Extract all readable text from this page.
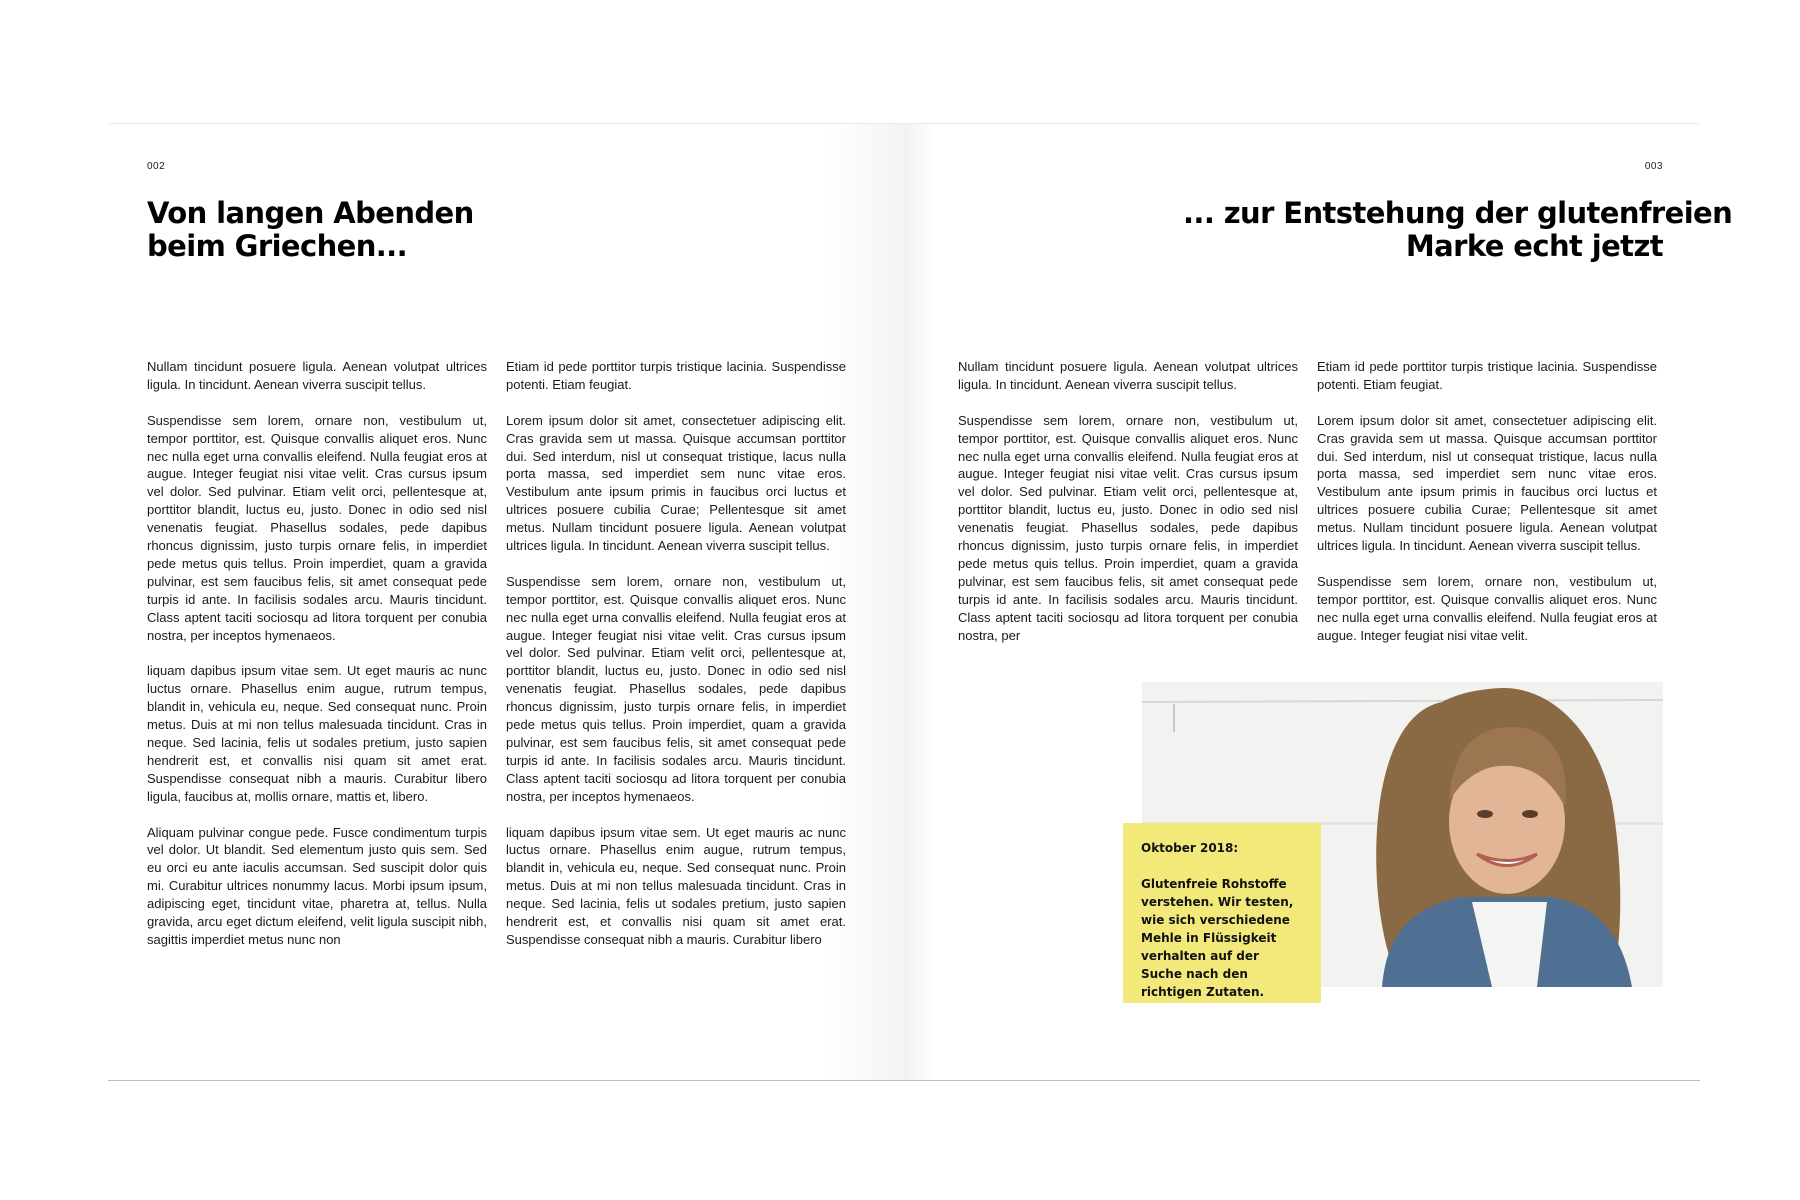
002
Von langen Abenden
beim Griechen...

Nullam tincidunt posuere ligula. Aenean volutpat ultrices ligula. In tincidunt. Aenean viverra suscipit tellus.

Suspendisse sem lorem, ornare non, vestibulum ut, tempor porttitor, est. Quisque convallis aliquet eros. Nunc nec nulla eget urna convallis eleifend. Nulla feugiat eros at augue. Integer feugiat nisi vitae velit. Cras cursus ipsum vel dolor. Sed pulvinar. Etiam velit orci, pellentesque at, porttitor blandit, luctus eu, justo. Donec in odio sed nisl venenatis feugiat. Phasellus sodales, pede dapibus rhoncus dignissim, justo turpis ornare felis, in imperdiet pede metus quis tellus. Proin imperdiet, quam a gravida pulvinar, est sem faucibus felis, sit amet consequat pede turpis id ante. In facilisis sodales arcu. Mauris tincidunt. Class aptent taciti sociosqu ad litora torquent per conubia nostra, per inceptos hymenaeos.

liquam dapibus ipsum vitae sem. Ut eget mauris ac nunc luctus ornare. Phasellus enim augue, rutrum tempus, blandit in, vehicula eu, neque. Sed consequat nunc. Proin metus. Duis at mi non tellus malesuada tincidunt. Cras in neque. Sed lacinia, felis ut sodales pretium, justo sapien hendrerit est, et convallis nisi quam sit amet erat. Suspendisse consequat nibh a mauris. Curabitur libero ligula, faucibus at, mollis ornare, mattis et, libero.

Aliquam pulvinar congue pede. Fusce condimentum turpis vel dolor. Ut blandit. Sed elementum justo quis sem. Sed eu orci eu ante iaculis accumsan. Sed suscipit dolor quis mi. Curabitur ultrices nonummy lacus. Morbi ipsum ipsum, adipiscing eget, tincidunt vitae, pharetra at, tellus. Nulla gravida, arcu eget dictum eleifend, velit ligula suscipit nibh, sagittis imperdiet metus nunc non

Etiam id pede porttitor turpis tristique lacinia. Suspendisse potenti. Etiam feugiat.

Lorem ipsum dolor sit amet, consectetuer adipiscing elit. Cras gravida sem ut massa. Quisque accumsan porttitor dui. Sed interdum, nisl ut consequat tristique, lacus nulla porta massa, sed imperdiet sem nunc vitae eros. Vestibulum ante ipsum primis in faucibus orci luctus et ultrices posuere cubilia Curae; Pellentesque sit amet metus. Nullam tincidunt posuere ligula. Aenean volutpat ultrices ligula. In tincidunt. Aenean viverra suscipit tellus.

Suspendisse sem lorem, ornare non, vestibulum ut, tempor porttitor, est. Quisque convallis aliquet eros. Nunc nec nulla eget urna convallis eleifend. Nulla feugiat eros at augue. Integer feugiat nisi vitae velit. Cras cursus ipsum vel dolor. Sed pulvinar. Etiam velit orci, pellentesque at, porttitor blandit, luctus eu, justo. Donec in odio sed nisl venenatis feugiat. Phasellus sodales, pede dapibus rhoncus dignissim, justo turpis ornare felis, in imperdiet pede metus quis tellus. Proin imperdiet, quam a gravida pulvinar, est sem faucibus felis, sit amet consequat pede turpis id ante. In facilisis sodales arcu. Mauris tincidunt. Class aptent taciti sociosqu ad litora torquent per conubia nostra, per inceptos hymenaeos.

liquam dapibus ipsum vitae sem. Ut eget mauris ac nunc luctus ornare. Phasellus enim augue, rutrum tempus, blandit in, vehicula eu, neque. Sed consequat nunc. Proin metus. Duis at mi non tellus malesuada tincidunt. Cras in neque. Sed lacinia, felis ut sodales pretium, justo sapien hendrerit est, et convallis nisi quam sit amet erat. Suspendisse consequat nibh a mauris. Curabitur libero

003
... zur Entstehung der glutenfreien
Marke echt jetzt

Nullam tincidunt posuere ligula. Aenean volutpat ultrices ligula. In tincidunt. Aenean viverra suscipit tellus.

Suspendisse sem lorem, ornare non, vestibulum ut, tempor porttitor, est. Quisque convallis aliquet eros. Nunc nec nulla eget urna convallis eleifend. Nulla feugiat eros at augue. Integer feugiat nisi vitae velit. Cras cursus ipsum vel dolor. Sed pulvinar. Etiam velit orci, pellentesque at, porttitor blandit, luctus eu, justo. Donec in odio sed nisl venenatis feugiat. Phasellus sodales, pede dapibus rhoncus dignissim, justo turpis ornare felis, in imperdiet pede metus quis tellus. Proin imperdiet, quam a gravida pulvinar, est sem faucibus felis, sit amet consequat pede turpis id ante. In facilisis sodales arcu. Mauris tincidunt. Class aptent taciti sociosqu ad litora torquent per conubia nostra, per

Etiam id pede porttitor turpis tristique lacinia. Suspendisse potenti. Etiam feugiat.

Lorem ipsum dolor sit amet, consectetuer adipiscing elit. Cras gravida sem ut massa. Quisque accumsan porttitor dui. Sed interdum, nisl ut consequat tristique, lacus nulla porta massa, sed imperdiet sem nunc vitae eros. Vestibulum ante ipsum primis in faucibus orci luctus et ultrices posuere cubilia Curae; Pellentesque sit amet metus. Nullam tincidunt posuere ligula. Aenean volutpat ultrices ligula. In tincidunt. Aenean viverra suscipit tellus.

Suspendisse sem lorem, ornare non, vestibulum ut, tempor porttitor, est. Quisque convallis aliquet eros. Nunc nec nulla eget urna convallis eleifend. Nulla feugiat eros at augue. Integer feugiat nisi vitae velit.

Oktober 2018:

Glutenfreie Rohstoffe verstehen. Wir testen, wie sich verschiedene Mehle in Flüssigkeit verhalten auf der Suche nach den richtigen Zutaten.
